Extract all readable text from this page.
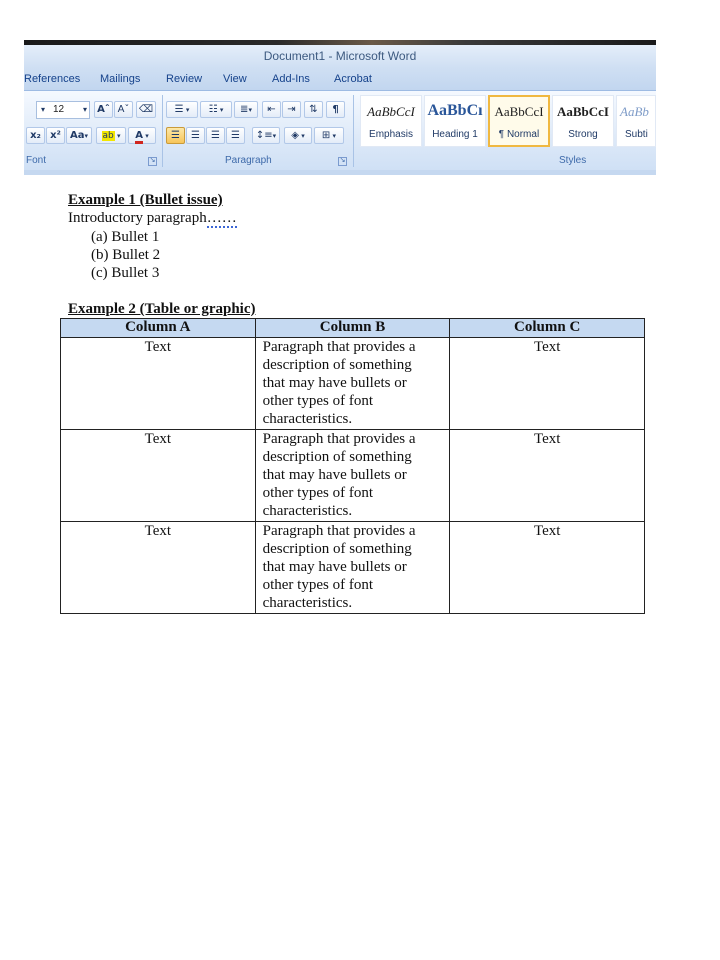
Document1 - Microsoft Word
References Mailings Review View Add-Ins Acrobat
▾ 12 ▾	Aˆ Aˇ ⌫
x₂ x² Aa▾	ab ▾	A ▾
Font	↘
☰ ▾	☷ ▾	≣▾	⇤	⇥	⇅	¶
☰	☰	☰	☰	↕≡▾	◈ ▾	⊞ ▾
Paragraph	↘
AaBbCcI
Emphasis
AaBbCı
Heading 1
AaBbCcI
¶ Normal
AaBbCcI
Strong
AaBb
Subti
Styles
Example 1 (Bullet issue)
Introductory paragraph……
(a) Bullet 1
(b) Bullet 2
(c) Bullet 3
Example 2 (Table or graphic)
Column A	Column B	Column C
Text	Paragraph that provides a
description of something
that may have bullets or
other types of font
characteristics.	Text
Text	Paragraph that provides a
description of something
that may have bullets or
other types of font
characteristics.	Text
Text	Paragraph that provides a
description of something
that may have bullets or
other types of font
characteristics.	Text
